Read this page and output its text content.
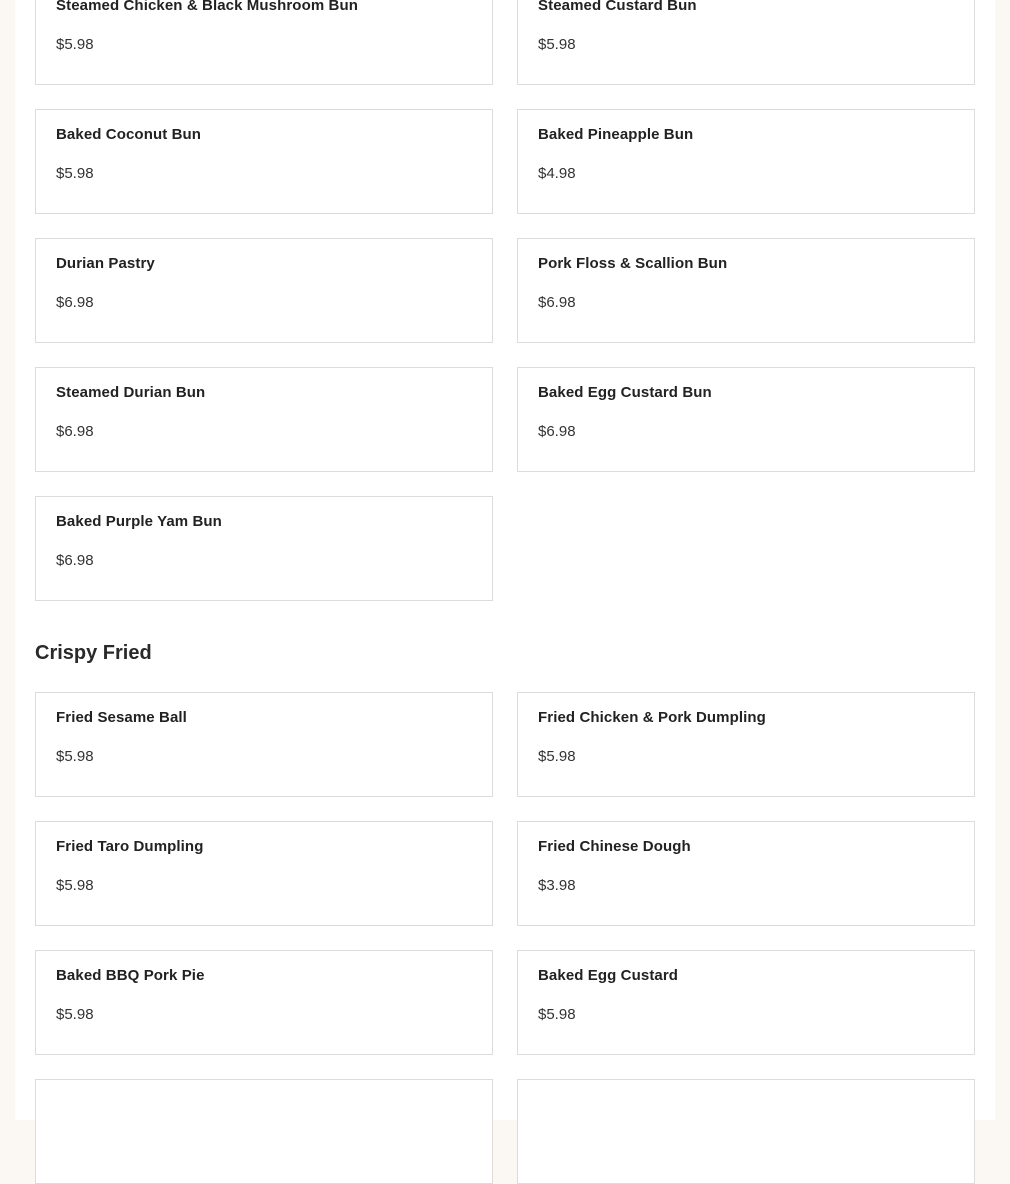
Steamed Chicken & Black Mushroom Bun
$5.98
Steamed Custard Bun
$5.98
Baked Coconut Bun
$5.98
Baked Pineapple Bun
$4.98
Durian Pastry
$6.98
Pork Floss & Scallion Bun
$6.98
Steamed Durian Bun
$6.98
Baked Egg Custard Bun
$6.98
Baked Purple Yam Bun
$6.98
Crispy Fried
Fried Sesame Ball
$5.98
Fried Chicken & Pork Dumpling
$5.98
Fried Taro Dumpling
$5.98
Fried Chinese Dough
$3.98
Baked BBQ Pork Pie
$5.98
Baked Egg Custard
$5.98
